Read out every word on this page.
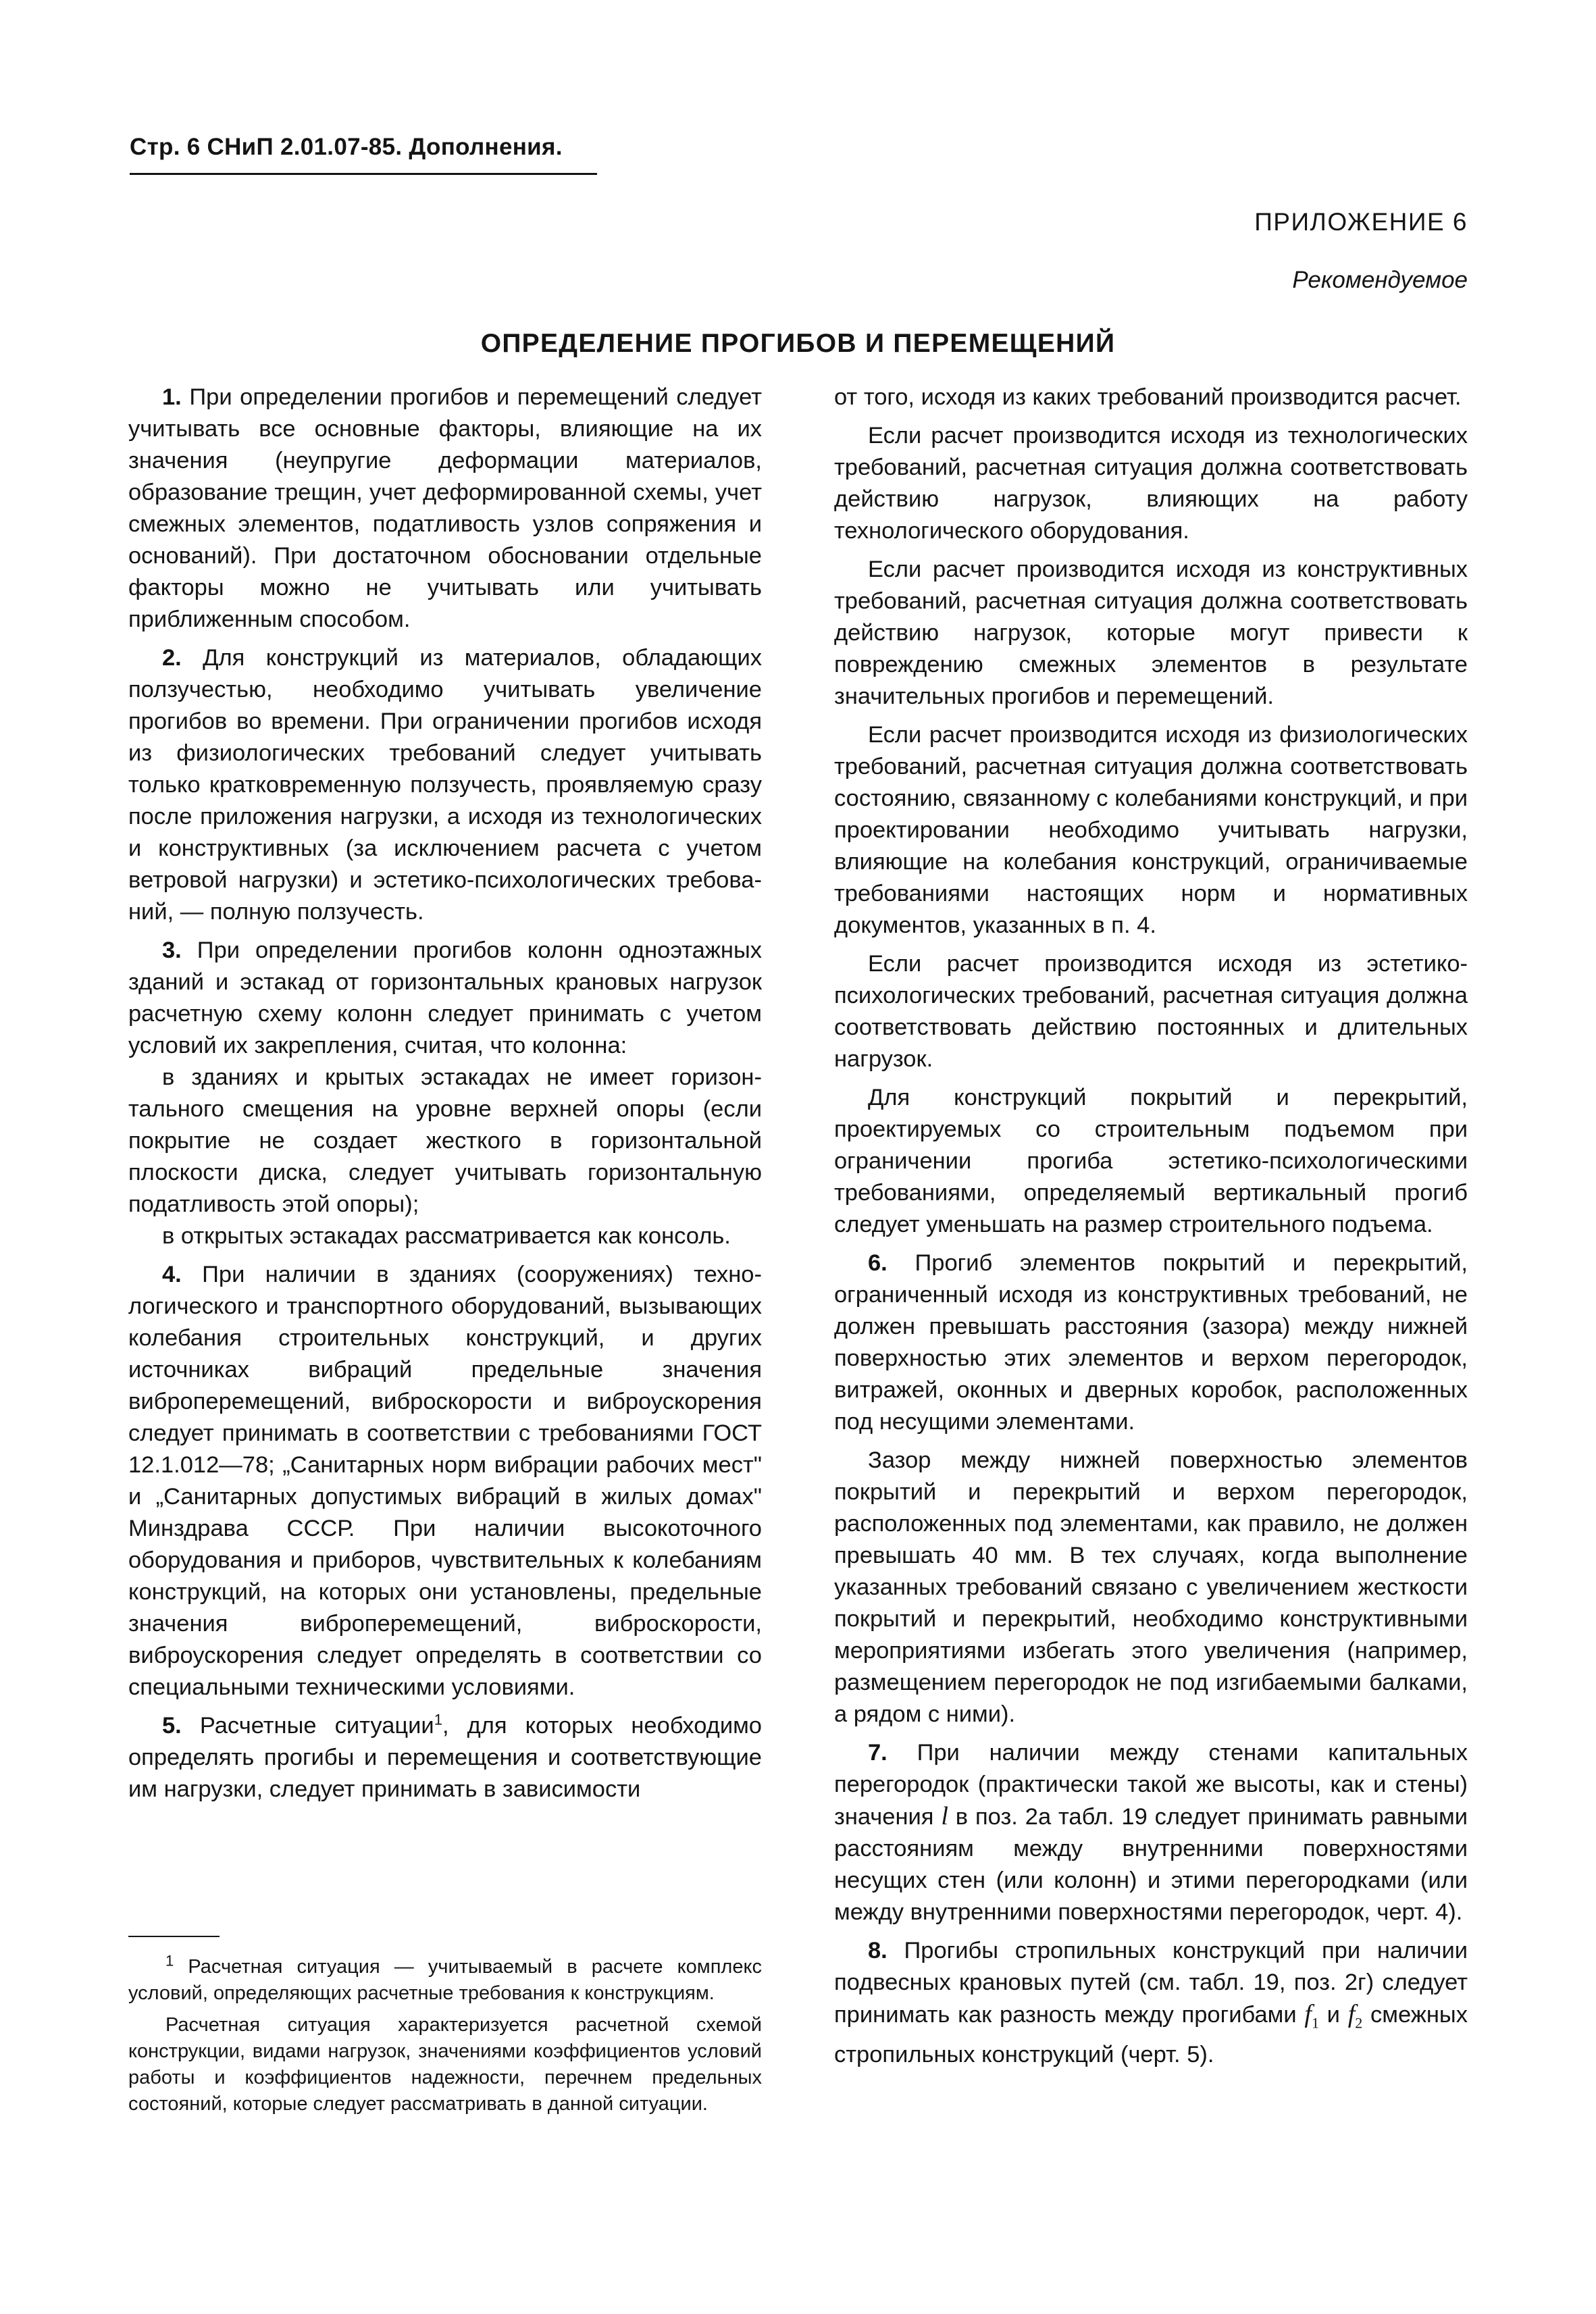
Стр. 6 СНиП 2.01.07-85. Дополнения.
ПРИЛОЖЕНИЕ 6
Рекомендуемое
ОПРЕДЕЛЕНИЕ ПРОГИБОВ И ПЕРЕМЕЩЕНИЙ

1. При определении прогибов и перемещений следует учитывать все основные факторы, влияющие на их значения (неупругие деформации материалов, образование трещин, учет деформированной схемы, учет смежных элементов, податливость узлов сопряжения и оснований). При достаточном обосновании отдельные факторы можно не учитывать или учитывать приближенным способом.

2. Для конструкций из материалов, обладающих ползучестью, необходимо учитывать увеличение прогибов во времени. При ограничении прогибов исходя из физиологических требований следует учитывать только кратковременную ползучесть, проявляемую сразу после приложения нагрузки, а исходя из технологических и конструктивных (за исключением расчета с учетом ветровой нагрузки) и эстетико-психологических требований, — полную ползучесть.

3. При определении прогибов колонн одноэтажных зданий и эстакад от горизонтальных крановых нагрузок расчетную схему колонн следует принимать с учетом условий их закрепления, считая, что колонна:

в зданиях и крытых эстакадах не имеет горизонтального смещения на уровне верхней опоры (если покрытие не создает жесткого в горизонтальной плоскости диска, следует учитывать горизонтальную податливость этой опоры);

в открытых эстакадах рассматривается как консоль.

4. При наличии в зданиях (сооружениях) технологического и транспортного оборудований, вызывающих колебания строительных конструкций, и других источниках вибраций предельные значения виброперемещений, виброскорости и виброускорения следует принимать в соответствии с требованиями ГОСТ 12.1.012—78; „Санитарных норм вибрации рабочих мест" и „Санитарных допустимых вибраций в жилых домах" Минздрава СССР. При наличии высокоточного оборудования и приборов, чувствительных к колебаниям конструкций, на которых они установлены, предельные значения виброперемещений, виброскорости, виброускорения следует определять в соответствии со специальными техническими условиями.

5. Расчетные ситуации$^1$, для которых необходимо определять прогибы и перемещения и соответствующие им нагрузки, следует принимать в зависимости

$^1$ Расчетная ситуация — учитываемый в расчете комплекс условий, определяющих расчетные требования к конструкциям.

Расчетная ситуация характеризуется расчетной схемой конструкции, видами нагрузок, значениями коэффициентов условий работы и коэффициентов надежности, перечнем предельных состояний, которые следует рассматривать в данной ситуации.

от того, исходя из каких требований производится расчет.

Если расчет производится исходя из технологических требований, расчетная ситуация должна соответствовать действию нагрузок, влияющих на работу технологического оборудования.

Если расчет производится исходя из конструктивных требований, расчетная ситуация должна соответствовать действию нагрузок, которые могут привести к повреждению смежных элементов в результате значительных прогибов и перемещений.

Если расчет производится исходя из физиологических требований, расчетная ситуация должна соответствовать состоянию, связанному с колебаниями конструкций, и при проектировании необходимо учитывать нагрузки, влияющие на колебания конструкций, ограничиваемые требованиями настоящих норм и нормативных документов, указанных в п. 4.

Если расчет производится исходя из эстетико-психологических требований, расчетная ситуация должна соответствовать действию постоянных и длительных нагрузок.

Для конструкций покрытий и перекрытий, проектируемых со строительным подъемом при ограничении прогиба эстетико-психологическими требованиями, определяемый вертикальный прогиб следует уменьшать на размер строительного подъема.

6. Прогиб элементов покрытий и перекрытий, ограниченный исходя из конструктивных требований, не должен превышать расстояния (зазора) между нижней поверхностью этих элементов и верхом перегородок, витражей, оконных и дверных коробок, расположенных под несущими элементами.

Зазор между нижней поверхностью элементов покрытий и перекрытий и верхом перегородок, расположенных под элементами, как правило, не должен превышать 40 мм. В тех случаях, когда выполнение указанных требований связано с увеличением жесткости покрытий и перекрытий, необходимо конструктивными мероприятиями избегать этого увеличения (например, размещением перегородок не под изгибаемыми балками, а рядом с ними).

7. При наличии между стенами капитальных перегородок (практически такой же высоты, как и стены) значения l в поз. 2а табл. 19 следует принимать равными расстояниям между внутренними поверхностями несущих стен (или колонн) и этими перегородками (или между внутренними поверхностями перегородок, черт. 4).

8. Прогибы стропильных конструкций при наличии подвесных крановых путей (см. табл. 19, поз. 2г) следует принимать как разность между прогибами $f_1$ и $f_2$ смежных стропильных конструкций (черт. 5).
